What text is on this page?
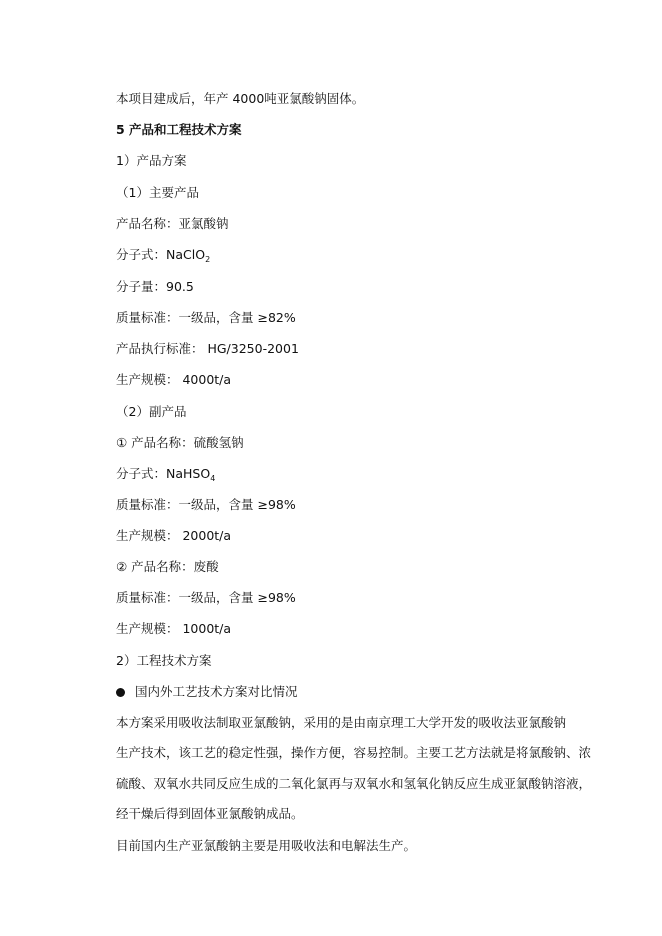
本项目建成后，年产 4000吨亚氯酸钠固体。
5 产品和工程技术方案
1）产品方案
（1）主要产品
产品名称：亚氯酸钠
分子式：NaClO$_2$
分子量：90.5
质量标准：一级品，含量 ≥82%
产品执行标准： HG/3250-2001
生产规模： 4000t/a
（2）副产品
① 产品名称：硫酸氢钠
分子式：NaHSO$_4$
质量标准：一级品，含量 ≥98%
生产规模： 2000t/a
② 产品名称：废酸
质量标准：一级品，含量 ≥98%
生产规模： 1000t/a
2）工程技术方案
国内外工艺技术方案对比情况
本方案采用吸收法制取亚氯酸钠，采用的是由南京理工大学开发的吸收法亚氯酸钠
生产技术，该工艺的稳定性强，操作方便，容易控制。主要工艺方法就是将氯酸钠、浓
硫酸、双氧水共同反应生成的二氧化氯再与双氧水和氢氧化钠反应生成亚氯酸钠溶液，
经干燥后得到固体亚氯酸钠成品。
目前国内生产亚氯酸钠主要是用吸收法和电解法生产。
